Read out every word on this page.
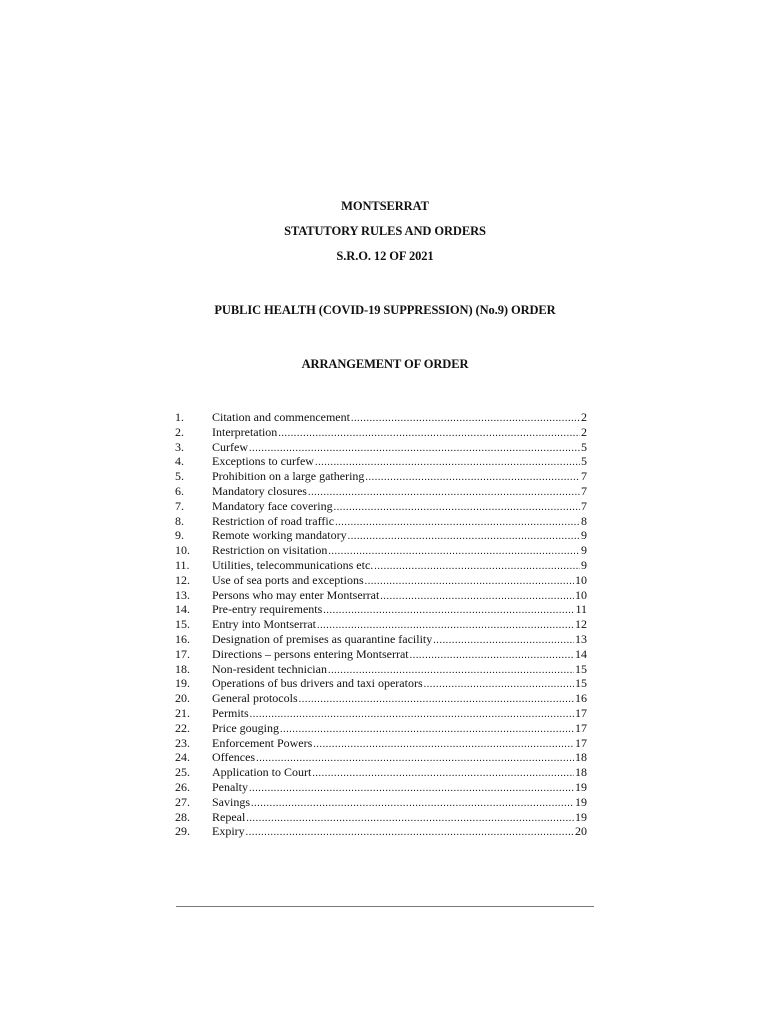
MONTSERRAT
STATUTORY RULES AND ORDERS
S.R.O. 12 OF 2021
PUBLIC HEALTH (COVID-19 SUPPRESSION) (No.9) ORDER
ARRANGEMENT OF ORDER
1.	Citation and commencement .....	2
2.	Interpretation .....	2
3.	Curfew .....	5
4.	Exceptions to curfew .....	5
5.	Prohibition on a large gathering .....	7
6.	Mandatory closures .....	7
7.	Mandatory face covering .....	7
8.	Restriction of road traffic .....	8
9.	Remote working mandatory .....	9
10.	Restriction on visitation .....	9
11.	Utilities, telecommunications etc. .....	9
12.	Use of sea ports and exceptions .....	10
13.	Persons who may enter Montserrat .....	10
14.	Pre-entry requirements .....	11
15.	Entry into Montserrat .....	12
16.	Designation of premises as quarantine facility .....	13
17.	Directions – persons entering Montserrat .....	14
18.	Non-resident technician .....	15
19.	Operations of bus drivers and taxi operators .....	15
20.	General protocols .....	16
21.	Permits .....	17
22.	Price gouging .....	17
23.	Enforcement Powers .....	17
24.	Offences .....	18
25.	Application to Court .....	18
26.	Penalty .....	19
27.	Savings .....	19
28.	Repeal .....	19
29.	Expiry .....	20
